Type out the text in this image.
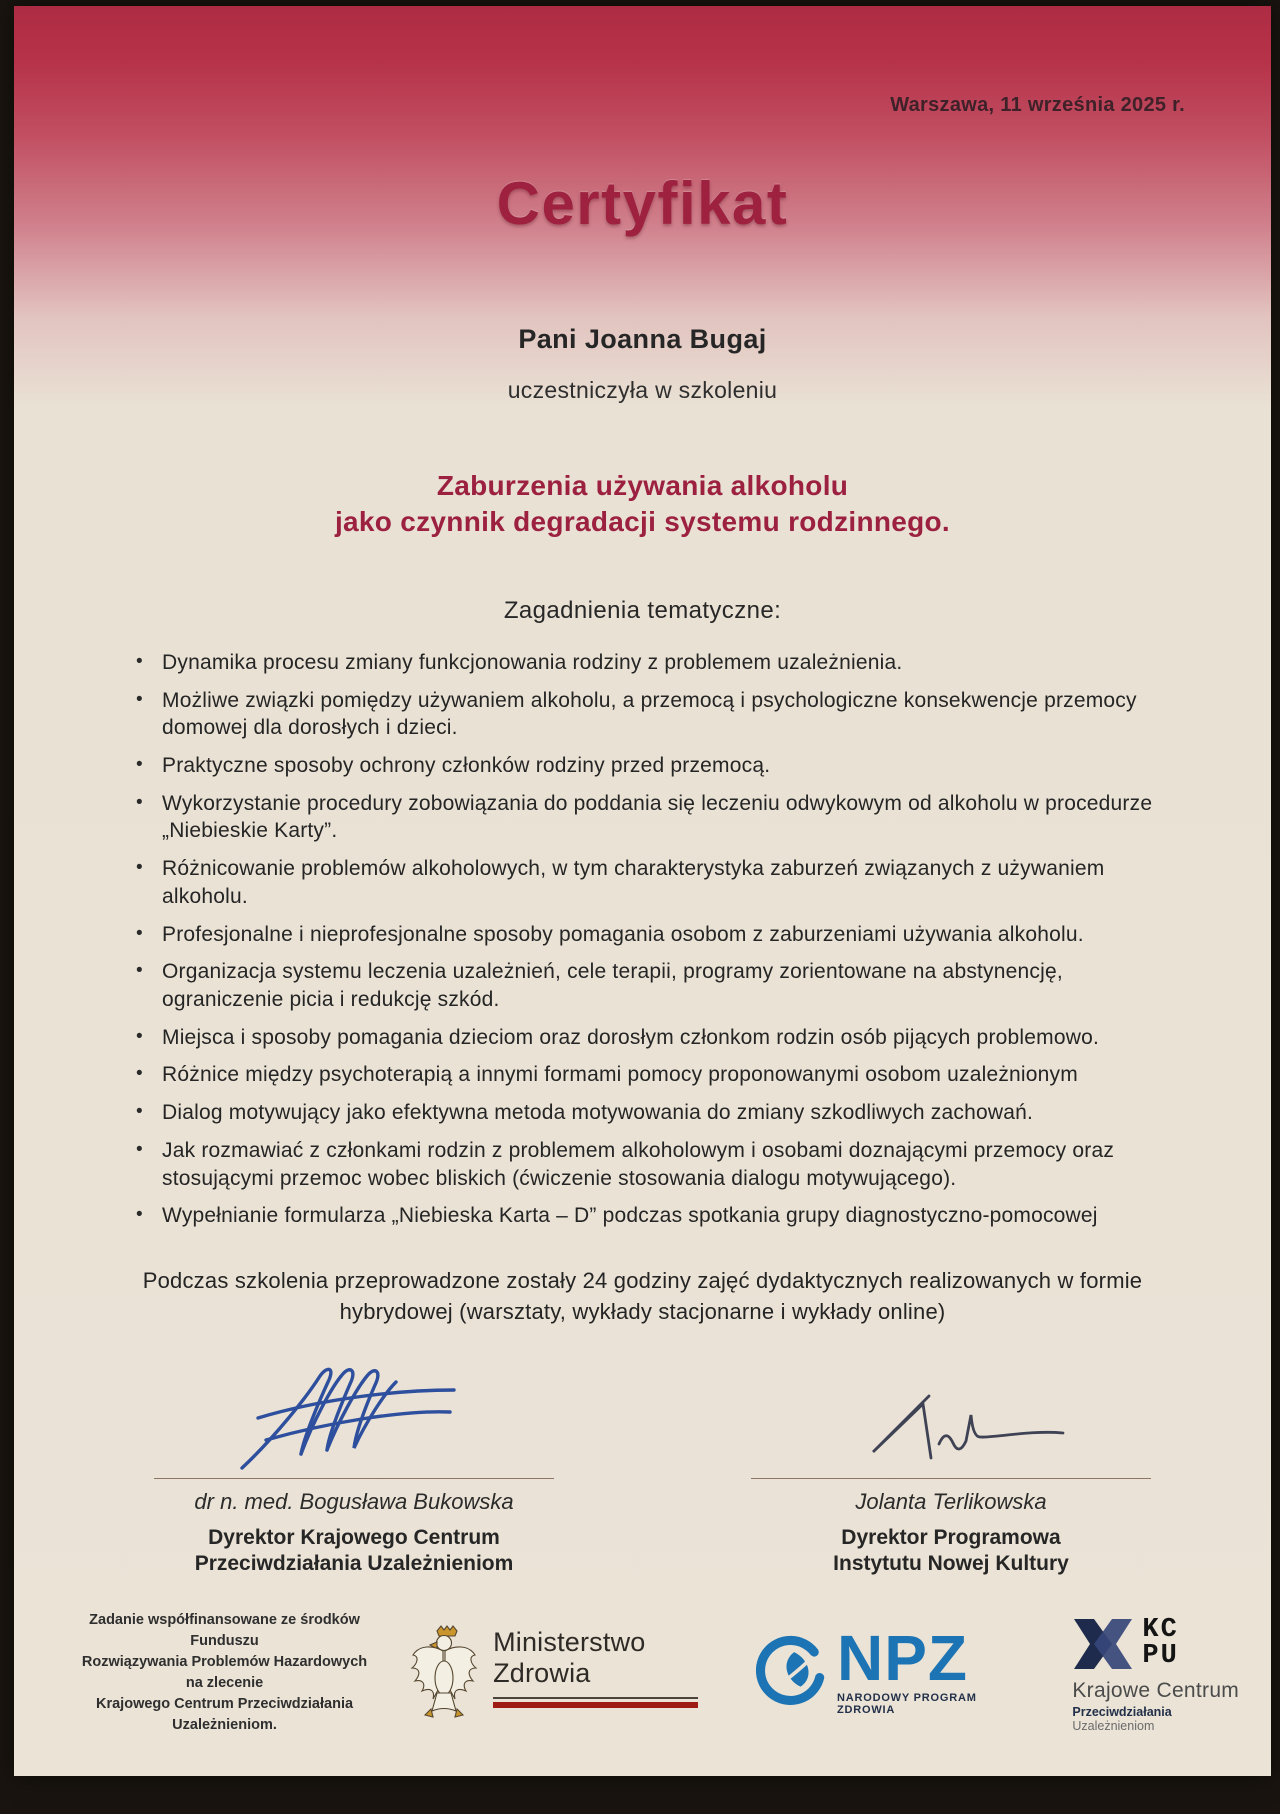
Warszawa, 11 września 2025 r.
Certyfikat
Pani Joanna Bugaj
uczestniczyła w szkoleniu
Zaburzenia używania alkoholu
jako czynnik degradacji systemu rodzinnego.
Zagadnienia tematyczne:
• Dynamika procesu zmiany funkcjonowania rodziny z problemem uzależnienia.
• Możliwe związki pomiędzy używaniem alkoholu, a przemocą i psychologiczne konsekwencje przemocy domowej dla dorosłych i dzieci.
• Praktyczne sposoby ochrony członków rodziny przed przemocą.
• Wykorzystanie procedury zobowiązania do poddania się leczeniu odwykowym od alkoholu w procedurze „Niebieskie Karty”.
• Różnicowanie problemów alkoholowych, w tym charakterystyka zaburzeń związanych z używaniem alkoholu.
• Profesjonalne i nieprofesjonalne sposoby pomagania osobom z zaburzeniami używania alkoholu.
• Organizacja systemu leczenia uzależnień, cele terapii, programy zorientowane na abstynencję, ograniczenie picia i redukcję szkód.
• Miejsca i sposoby pomagania dzieciom oraz dorosłym członkom rodzin osób pijących problemowo.
• Różnice między psychoterapią a innymi formami pomocy proponowanymi osobom uzależnionym
• Dialog motywujący jako efektywna metoda motywowania do zmiany szkodliwych zachowań.
• Jak rozmawiać z członkami rodzin z problemem alkoholowym i osobami doznającymi przemocy oraz stosującymi przemoc wobec bliskich (ćwiczenie stosowania dialogu motywującego).
• Wypełnianie formularza „Niebieska Karta – D” podczas spotkania grupy diagnostyczno-pomocowej
Podczas szkolenia przeprowadzone zostały 24 godziny zajęć dydaktycznych realizowanych w formie hybrydowej (warsztaty, wykłady stacjonarne i wykłady online)
dr n. med. Bogusława Bukowska
Dyrektor Krajowego Centrum
Przeciwdziałania Uzależnieniom
Jolanta Terlikowska
Dyrektor Programowa
Instytutu Nowej Kultury
Zadanie współfinansowane ze środków Funduszu
Rozwiązywania Problemów Hazardowych na zlecenie
Krajowego Centrum Przeciwdziałania Uzależnieniom.
Ministerstwo
Zdrowia	NPZ
NARODOWY PROGRAM ZDROWIA
KC
PU
Krajowe Centrum
Przeciwdziałania Uzależnieniom
